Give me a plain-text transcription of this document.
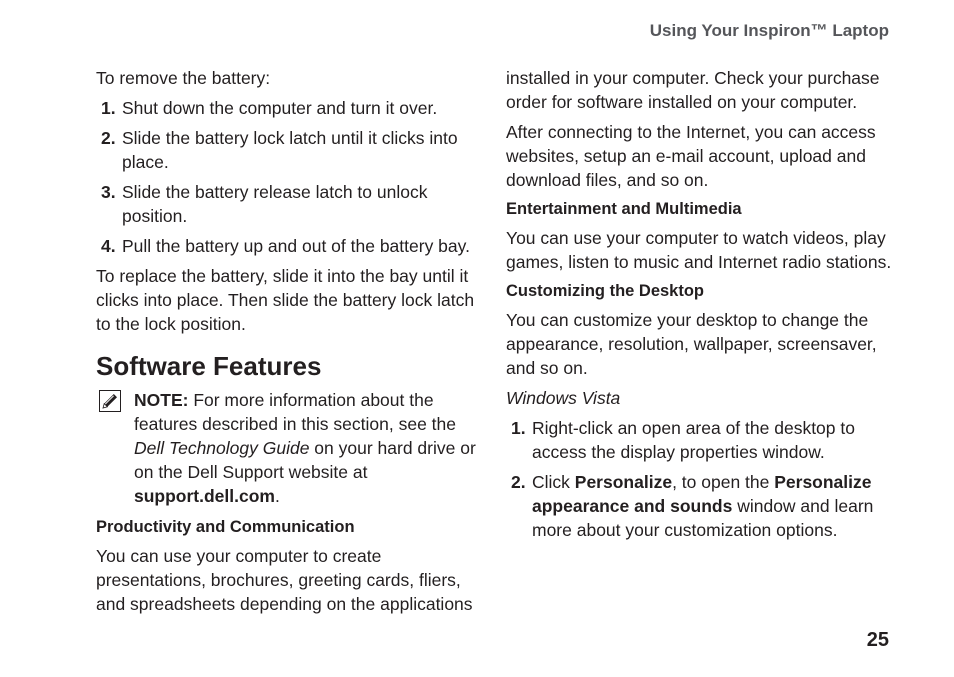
Using Your Inspiron™ Laptop

To remove the battery:

1. Shut down the computer and turn it over.
2. Slide the battery lock latch until it clicks into place.
3. Slide the battery release latch to unlock position.
4. Pull the battery up and out of the battery bay.

To replace the battery, slide it into the bay until it clicks into place. Then slide the battery lock latch to the lock position.

Software Features
NOTE: For more information about the features described in this section, see the Dell Technology Guide on your hard drive or on the Dell Support website at support.dell.com.
Productivity and Communication

You can use your computer to create presentations, brochures, greeting cards, fliers, and spreadsheets depending on the applications

installed in your computer. Check your purchase order for software installed on your computer.

After connecting to the Internet, you can access websites, setup an e-mail account, upload and download files, and so on.

Entertainment and Multimedia

You can use your computer to watch videos, play games, listen to music and Internet radio stations.

Customizing the Desktop

You can customize your desktop to change the appearance, resolution, wallpaper, screensaver, and so on.

Windows Vista

1. Right-click an open area of the desktop to access the display properties window.
2. Click Personalize, to open the Personalize appearance and sounds window and learn more about your customization options.
25
